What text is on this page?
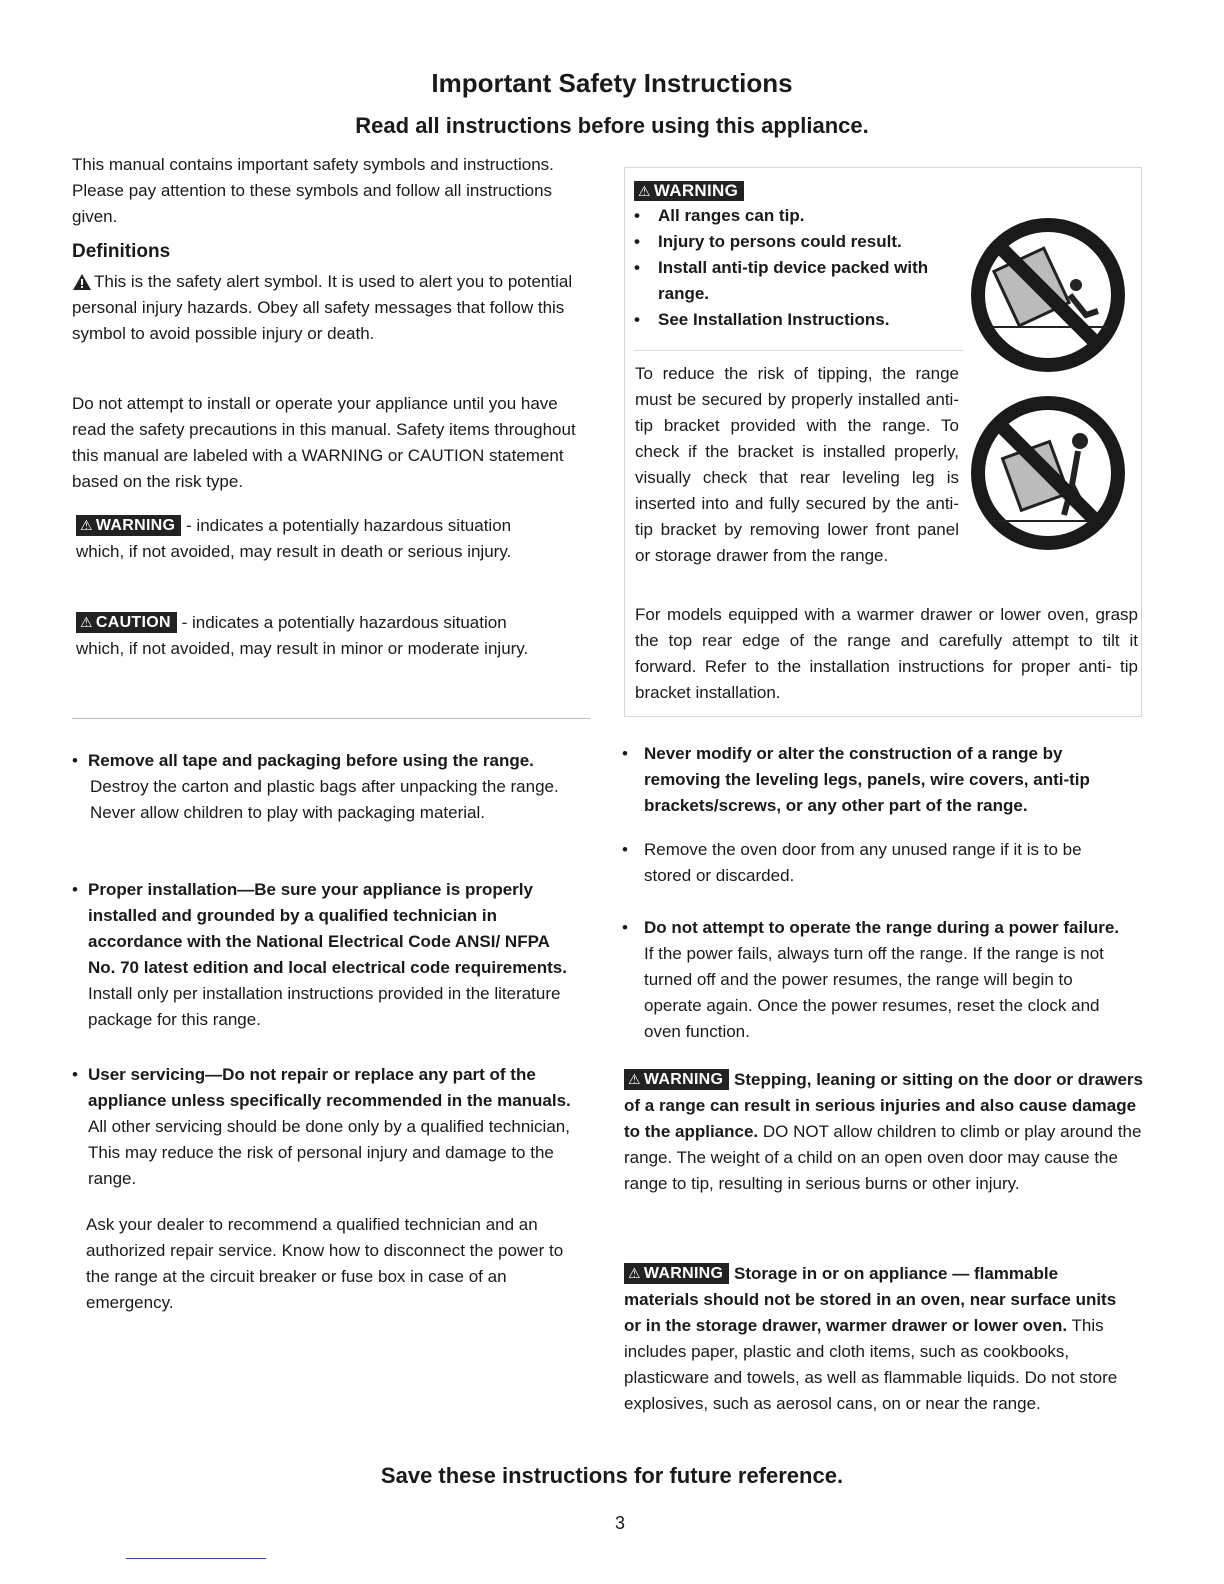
Important Safety Instructions
Read all instructions before using this appliance.

This manual contains important safety symbols and instructions. Please pay attention to these symbols and follow all instructions given.

Definitions

This is the safety alert symbol. It is used to alert you to potential personal injury hazards. Obey all safety messages that follow this symbol to avoid possible injury or death.

Do not attempt to install or operate your appliance until you have read the safety precautions in this manual. Safety items throughout this manual are labeled with a WARNING or CAUTION statement based on the risk type.

⚠ WARNING - indicates a potentially hazardous situation which, if not avoided, may result in death or serious injury.

⚠ CAUTION - indicates a potentially hazardous situation which, if not avoided, may result in minor or moderate injury.

⚠ WARNING
• All ranges can tip.
• Injury to persons could result.
• Install anti-tip device packed with range.
• See Installation Instructions.

To reduce the risk of tipping, the range must be secured by properly installed anti-tip bracket provided with the range. To check if the bracket is installed properly, visually check that rear leveling leg is inserted into and fully secured by the anti-tip bracket by removing lower front panel or storage drawer from the range.

For models equipped with a warmer drawer or lower oven, grasp the top rear edge of the range and carefully attempt to tilt it forward. Refer to the installation instructions for proper anti- tip bracket installation.

• Remove all tape and packaging before using the range.
Destroy the carton and plastic bags after unpacking the range. Never allow children to play with packaging material.
• Proper installation—Be sure your appliance is properly installed and grounded by a qualified technician in accordance with the National Electrical Code ANSI/ NFPA No. 70 latest edition and local electrical code requirements. Install only per installation instructions provided in the literature package for this range.
• User servicing—Do not repair or replace any part of the appliance unless specifically recommended in the manuals. All other servicing should be done only by a qualified technician, This may reduce the risk of personal injury and damage to the range.

Ask your dealer to recommend a qualified technician and an authorized repair service. Know how to disconnect the power to the range at the circuit breaker or fuse box in case of an emergency.

• Never modify or alter the construction of a range by removing the leveling legs, panels, wire covers, anti-tip brackets/screws, or any other part of the range.
• Remove the oven door from any unused range if it is to be stored or discarded.
• Do not attempt to operate the range during a power failure. If the power fails, always turn off the range. If the range is not turned off and the power resumes, the range will begin to operate again. Once the power resumes, reset the clock and oven function.

⚠ WARNING Stepping, leaning or sitting on the door or drawers of a range can result in serious injuries and also cause damage to the appliance. DO NOT allow children to climb or play around the range. The weight of a child on an open oven door may cause the range to tip, resulting in serious burns or other injury.

⚠ WARNING Storage in or on appliance — flammable materials should not be stored in an oven, near surface units or in the storage drawer, warmer drawer or lower oven. This includes paper, plastic and cloth items, such as cookbooks, plasticware and towels, as well as flammable liquids. Do not store explosives, such as aerosol cans, on or near the range.

Save these instructions for future reference.
3
